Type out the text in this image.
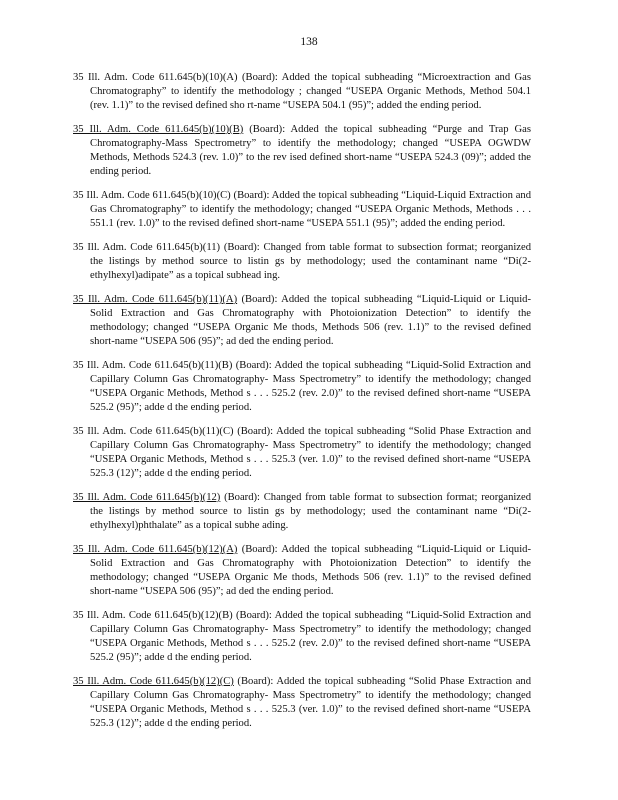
138

35 Ill. Adm. Code 611.645(b)(10)(A) (Board): Added the topical subheading “Microextraction and Gas Chromatography” to identify the methodology ; changed “USEPA Organic Methods, Method 504.1 (rev. 1.1)” to the revised defined sho rt-name “USEPA 504.1 (95)”; added the ending period.

35 Ill. Adm. Code 611.645(b)(10)(B) (Board): Added the topical subheading “Purge and Trap Gas Chromatography-Mass Spectrometry” to identify the methodology; changed “USEPA OGWDW Methods, Methods 524.3 (rev. 1.0)” to the rev ised defined short-name “USEPA 524.3 (09)”; added the ending period.

35 Ill. Adm. Code 611.645(b)(10)(C) (Board): Added the topical subheading “Liquid-Liquid Extraction and Gas Chromatography” to identify the methodology; changed “USEPA Organic Methods, Methods . . . 551.1 (rev. 1.0)” to the revised defined short-name “USEPA 551.1 (95)”; added the ending period.

35 Ill. Adm. Code 611.645(b)(11) (Board): Changed from table format to subsection format; reorganized the listings by method source to listin gs by methodology; used the contaminant name “Di(2-ethylhexyl)adipate” as a topical subhead ing.

35 Ill. Adm. Code 611.645(b)(11)(A) (Board): Added the topical subheading “Liquid-Liquid or Liquid-Solid Extraction and Gas Chromatography with Photoionization Detection” to identify the methodology; changed “USEPA Organic Me thods, Methods 506 (rev. 1.1)” to the revised defined short-name “USEPA 506 (95)”; ad ded the ending period.

35 Ill. Adm. Code 611.645(b)(11)(B) (Board): Added the topical subheading “Liquid-Solid Extraction and Capillary Column Gas Chromatography- Mass Spectrometry” to identify the methodology; changed “USEPA Organic Methods, Method s . . . 525.2 (rev. 2.0)” to the revised defined short-name “USEPA 525.2 (95)”; adde d the ending period.

35 Ill. Adm. Code 611.645(b)(11)(C) (Board): Added the topical subheading “Solid Phase Extraction and Capillary Column Gas Chromatography- Mass Spectrometry” to identify the methodology; changed “USEPA Organic Methods, Method s . . . 525.3 (ver. 1.0)” to the revised defined short-name “USEPA 525.3 (12)”; adde d the ending period.

35 Ill. Adm. Code 611.645(b)(12) (Board): Changed from table format to subsection format; reorganized the listings by method source to listin gs by methodology; used the contaminant name “Di(2-ethylhexyl)phthalate” as a topical subhe ading.

35 Ill. Adm. Code 611.645(b)(12)(A) (Board): Added the topical subheading “Liquid-Liquid or Liquid-Solid Extraction and Gas Chromatography with Photoionization Detection” to identify the methodology; changed “USEPA Organic Me thods, Methods 506 (rev. 1.1)” to the revised defined short-name “USEPA 506 (95)”; ad ded the ending period.

35 Ill. Adm. Code 611.645(b)(12)(B) (Board): Added the topical subheading “Liquid-Solid Extraction and Capillary Column Gas Chromatography- Mass Spectrometry” to identify the methodology; changed “USEPA Organic Methods, Method s . . . 525.2 (rev. 2.0)” to the revised defined short-name “USEPA 525.2 (95)”; adde d the ending period.

35 Ill. Adm. Code 611.645(b)(12)(C) (Board): Added the topical subheading “Solid Phase Extraction and Capillary Column Gas Chromatography- Mass Spectrometry” to identify the methodology; changed “USEPA Organic Methods, Method s . . . 525.3 (ver. 1.0)” to the revised defined short-name “USEPA 525.3 (12)”; adde d the ending period.
